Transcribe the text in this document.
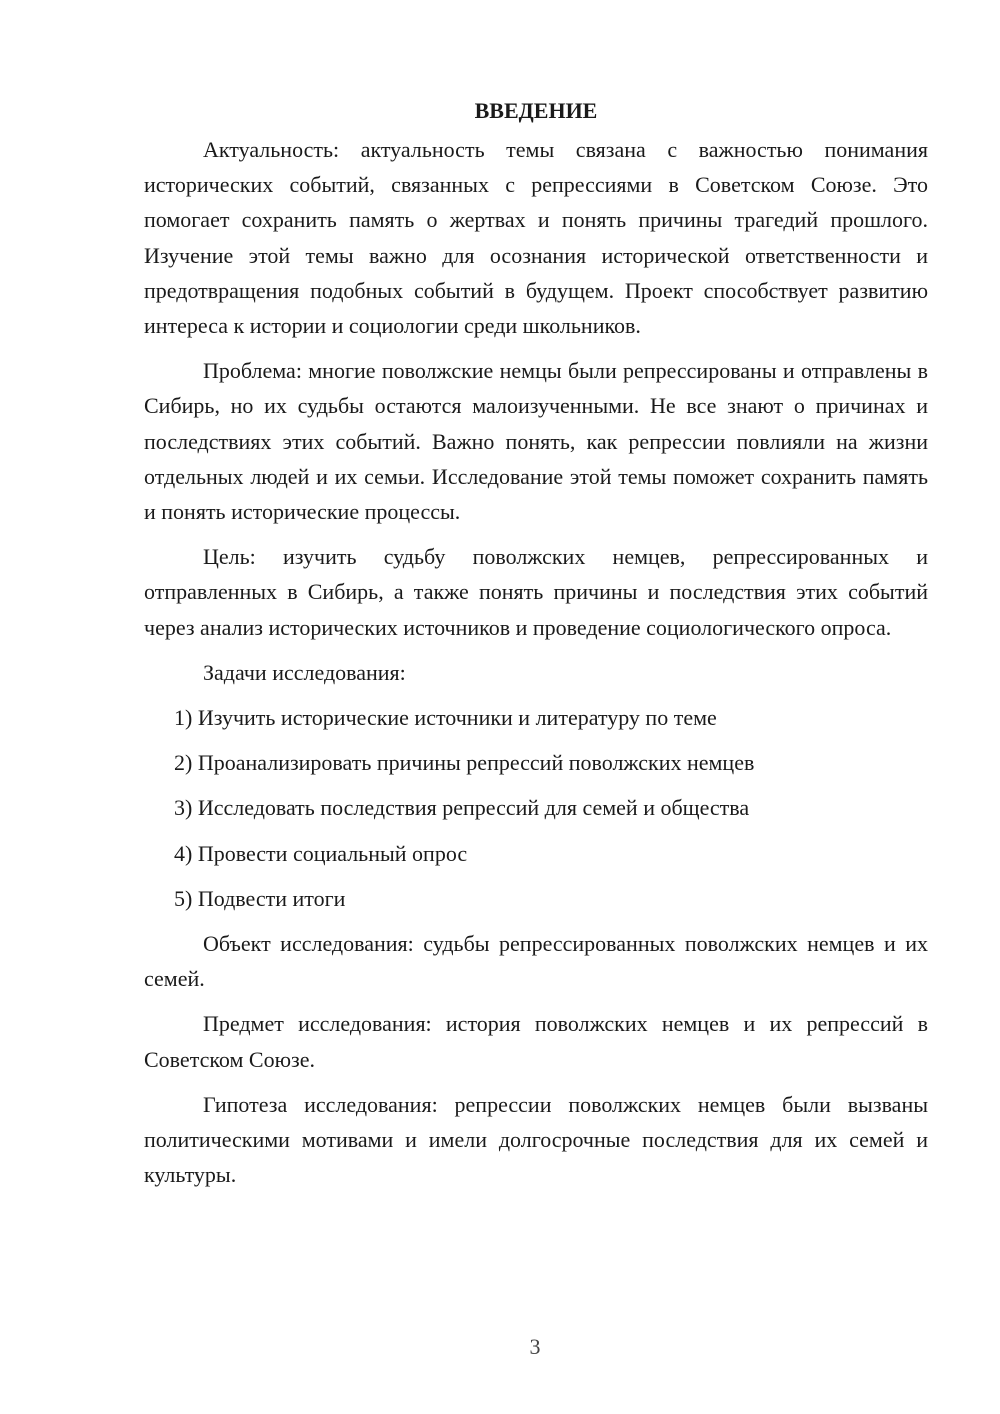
ВВЕДЕНИЕ

Актуальность: актуальность темы связана с важностью понимания исторических событий, связанных с репрессиями в Советском Союзе. Это помогает сохранить память о жертвах и понять причины трагедий прошлого. Изучение этой темы важно для осознания исторической ответственности и предотвращения подобных событий в будущем. Проект способствует развитию интереса к истории и социологии среди школьников.

Проблема: многие поволжские немцы были репрессированы и отправлены в Сибирь, но их судьбы остаются малоизученными. Не все знают о причинах и последствиях этих событий. Важно понять, как репрессии повлияли на жизни отдельных людей и их семьи. Исследование этой темы поможет сохранить память и понять исторические процессы.

Цель: изучить судьбу поволжских немцев, репрессированных и отправленных в Сибирь, а также понять причины и последствия этих событий через анализ исторических источников и проведение социологического опроса.

Задачи исследования:

1) Изучить исторические источники и литературу по теме
2) Проанализировать причины репрессий поволжских немцев
3) Исследовать последствия репрессий для семей и общества
4) Провести социальный опрос
5) Подвести итоги

Объект исследования: судьбы репрессированных поволжских немцев и их семей.

Предмет исследования: история поволжских немцев и их репрессий в Советском Союзе.

Гипотеза исследования: репрессии поволжских немцев были вызваны политическими мотивами и имели долгосрочные последствия для их семей и культуры.

3
